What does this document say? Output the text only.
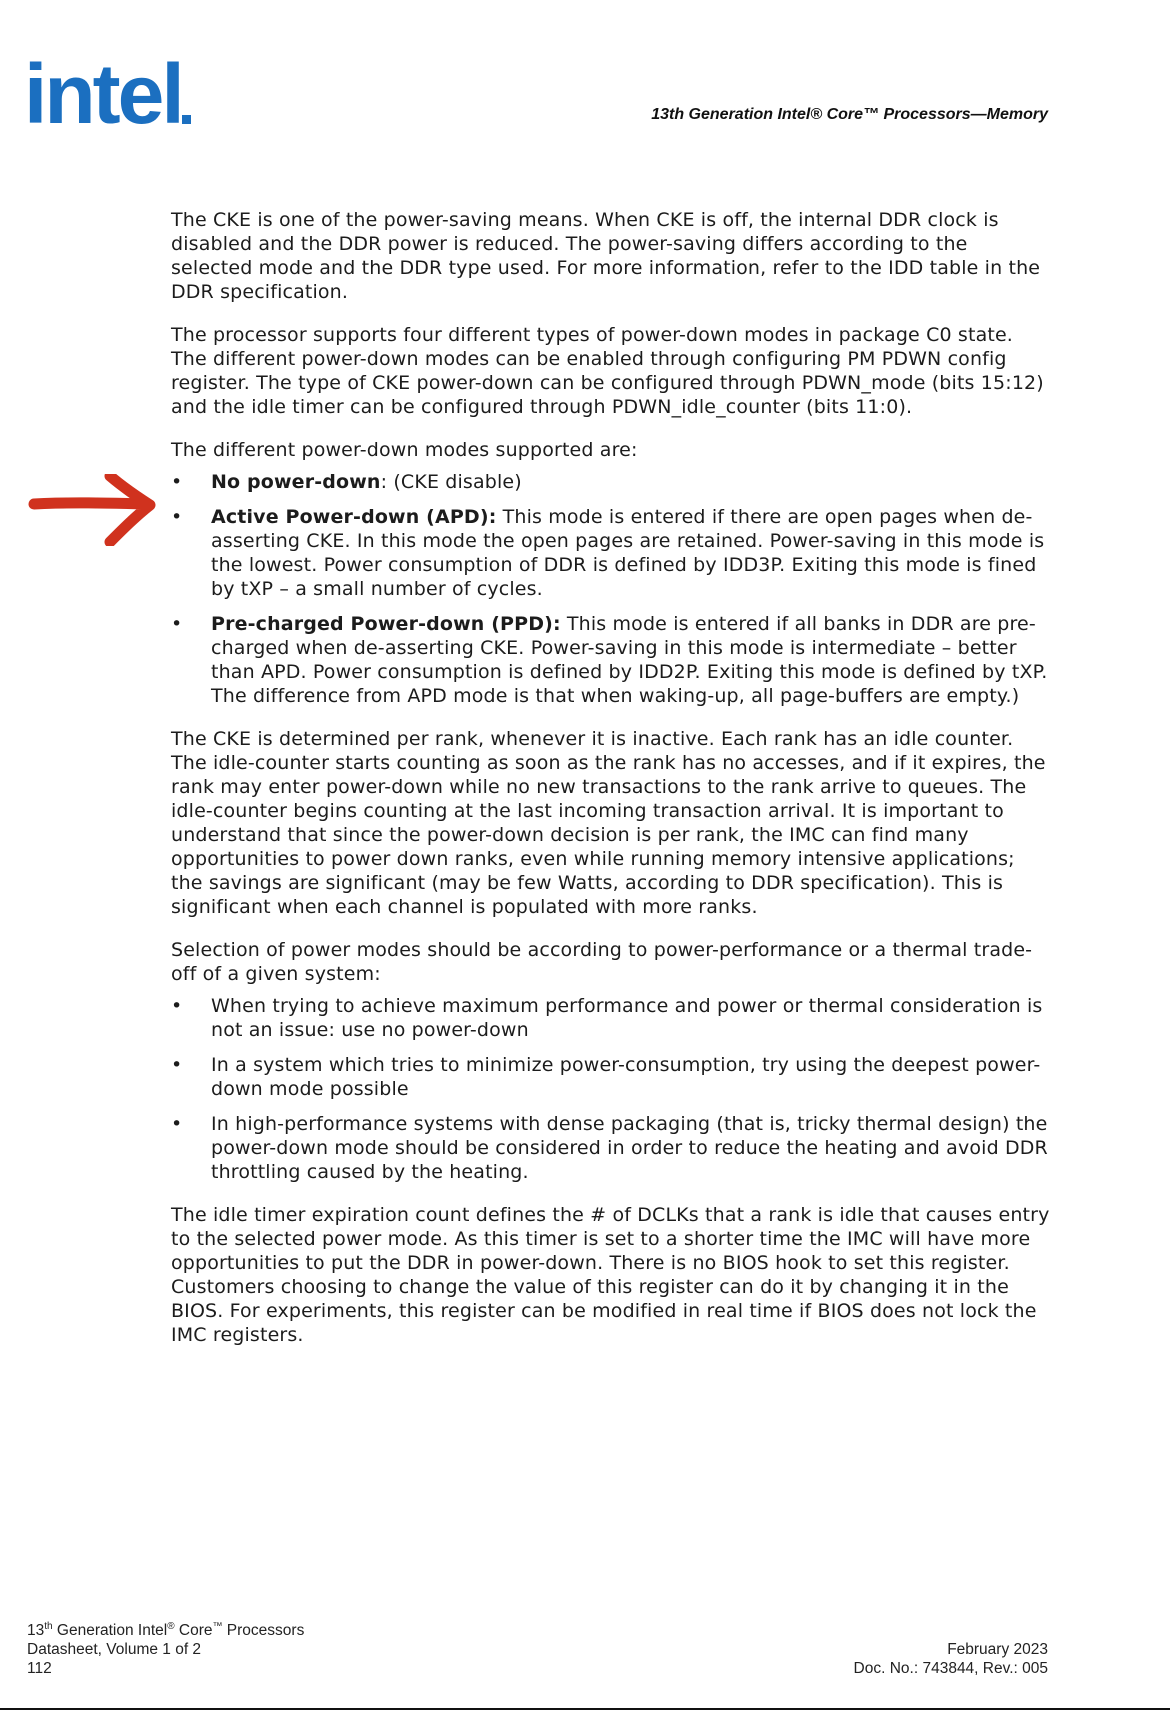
intel	13th Generation Intel® Core™ Processors—Memory

The CKE is one of the power-saving means. When CKE is off, the internal DDR clock is disabled and the DDR power is reduced. The power-saving differs according to the selected mode and the DDR type used. For more information, refer to the IDD table in the DDR specification.

The processor supports four different types of power-down modes in package C0 state. The different power-down modes can be enabled through configuring PM PDWN config register. The type of CKE power-down can be configured through PDWN_mode (bits 15:12) and the idle timer can be configured through PDWN_idle_counter (bits 11:0).

The different power-down modes supported are:

• No power-down: (CKE disable)
• Active Power-down (APD): This mode is entered if there are open pages when de-asserting CKE. In this mode the open pages are retained. Power-saving in this mode is the lowest. Power consumption of DDR is defined by IDD3P. Exiting this mode is fined by tXP – a small number of cycles.
• Pre-charged Power-down (PPD): This mode is entered if all banks in DDR are pre-charged when de-asserting CKE. Power-saving in this mode is intermediate – better than APD. Power consumption is defined by IDD2P. Exiting this mode is defined by tXP. The difference from APD mode is that when waking-up, all page-buffers are empty.)

The CKE is determined per rank, whenever it is inactive. Each rank has an idle counter. The idle-counter starts counting as soon as the rank has no accesses, and if it expires, the rank may enter power-down while no new transactions to the rank arrive to queues. The idle-counter begins counting at the last incoming transaction arrival. It is important to understand that since the power-down decision is per rank, the IMC can find many opportunities to power down ranks, even while running memory intensive applications; the savings are significant (may be few Watts, according to DDR specification). This is significant when each channel is populated with more ranks.

Selection of power modes should be according to power-performance or a thermal trade-off of a given system:

• When trying to achieve maximum performance and power or thermal consideration is not an issue: use no power-down
• In a system which tries to minimize power-consumption, try using the deepest power-down mode possible
• In high-performance systems with dense packaging (that is, tricky thermal design) the power-down mode should be considered in order to reduce the heating and avoid DDR throttling caused by the heating.

The idle timer expiration count defines the # of DCLKs that a rank is idle that causes entry to the selected power mode. As this timer is set to a shorter time the IMC will have more opportunities to put the DDR in power-down. There is no BIOS hook to set this register. Customers choosing to change the value of this register can do it by changing it in the BIOS. For experiments, this register can be modified in real time if BIOS does not lock the IMC registers.

13th Generation Intel® Core™ Processors
Datasheet, Volume 1 of 2
112
February 2023
Doc. No.: 743844, Rev.: 005
